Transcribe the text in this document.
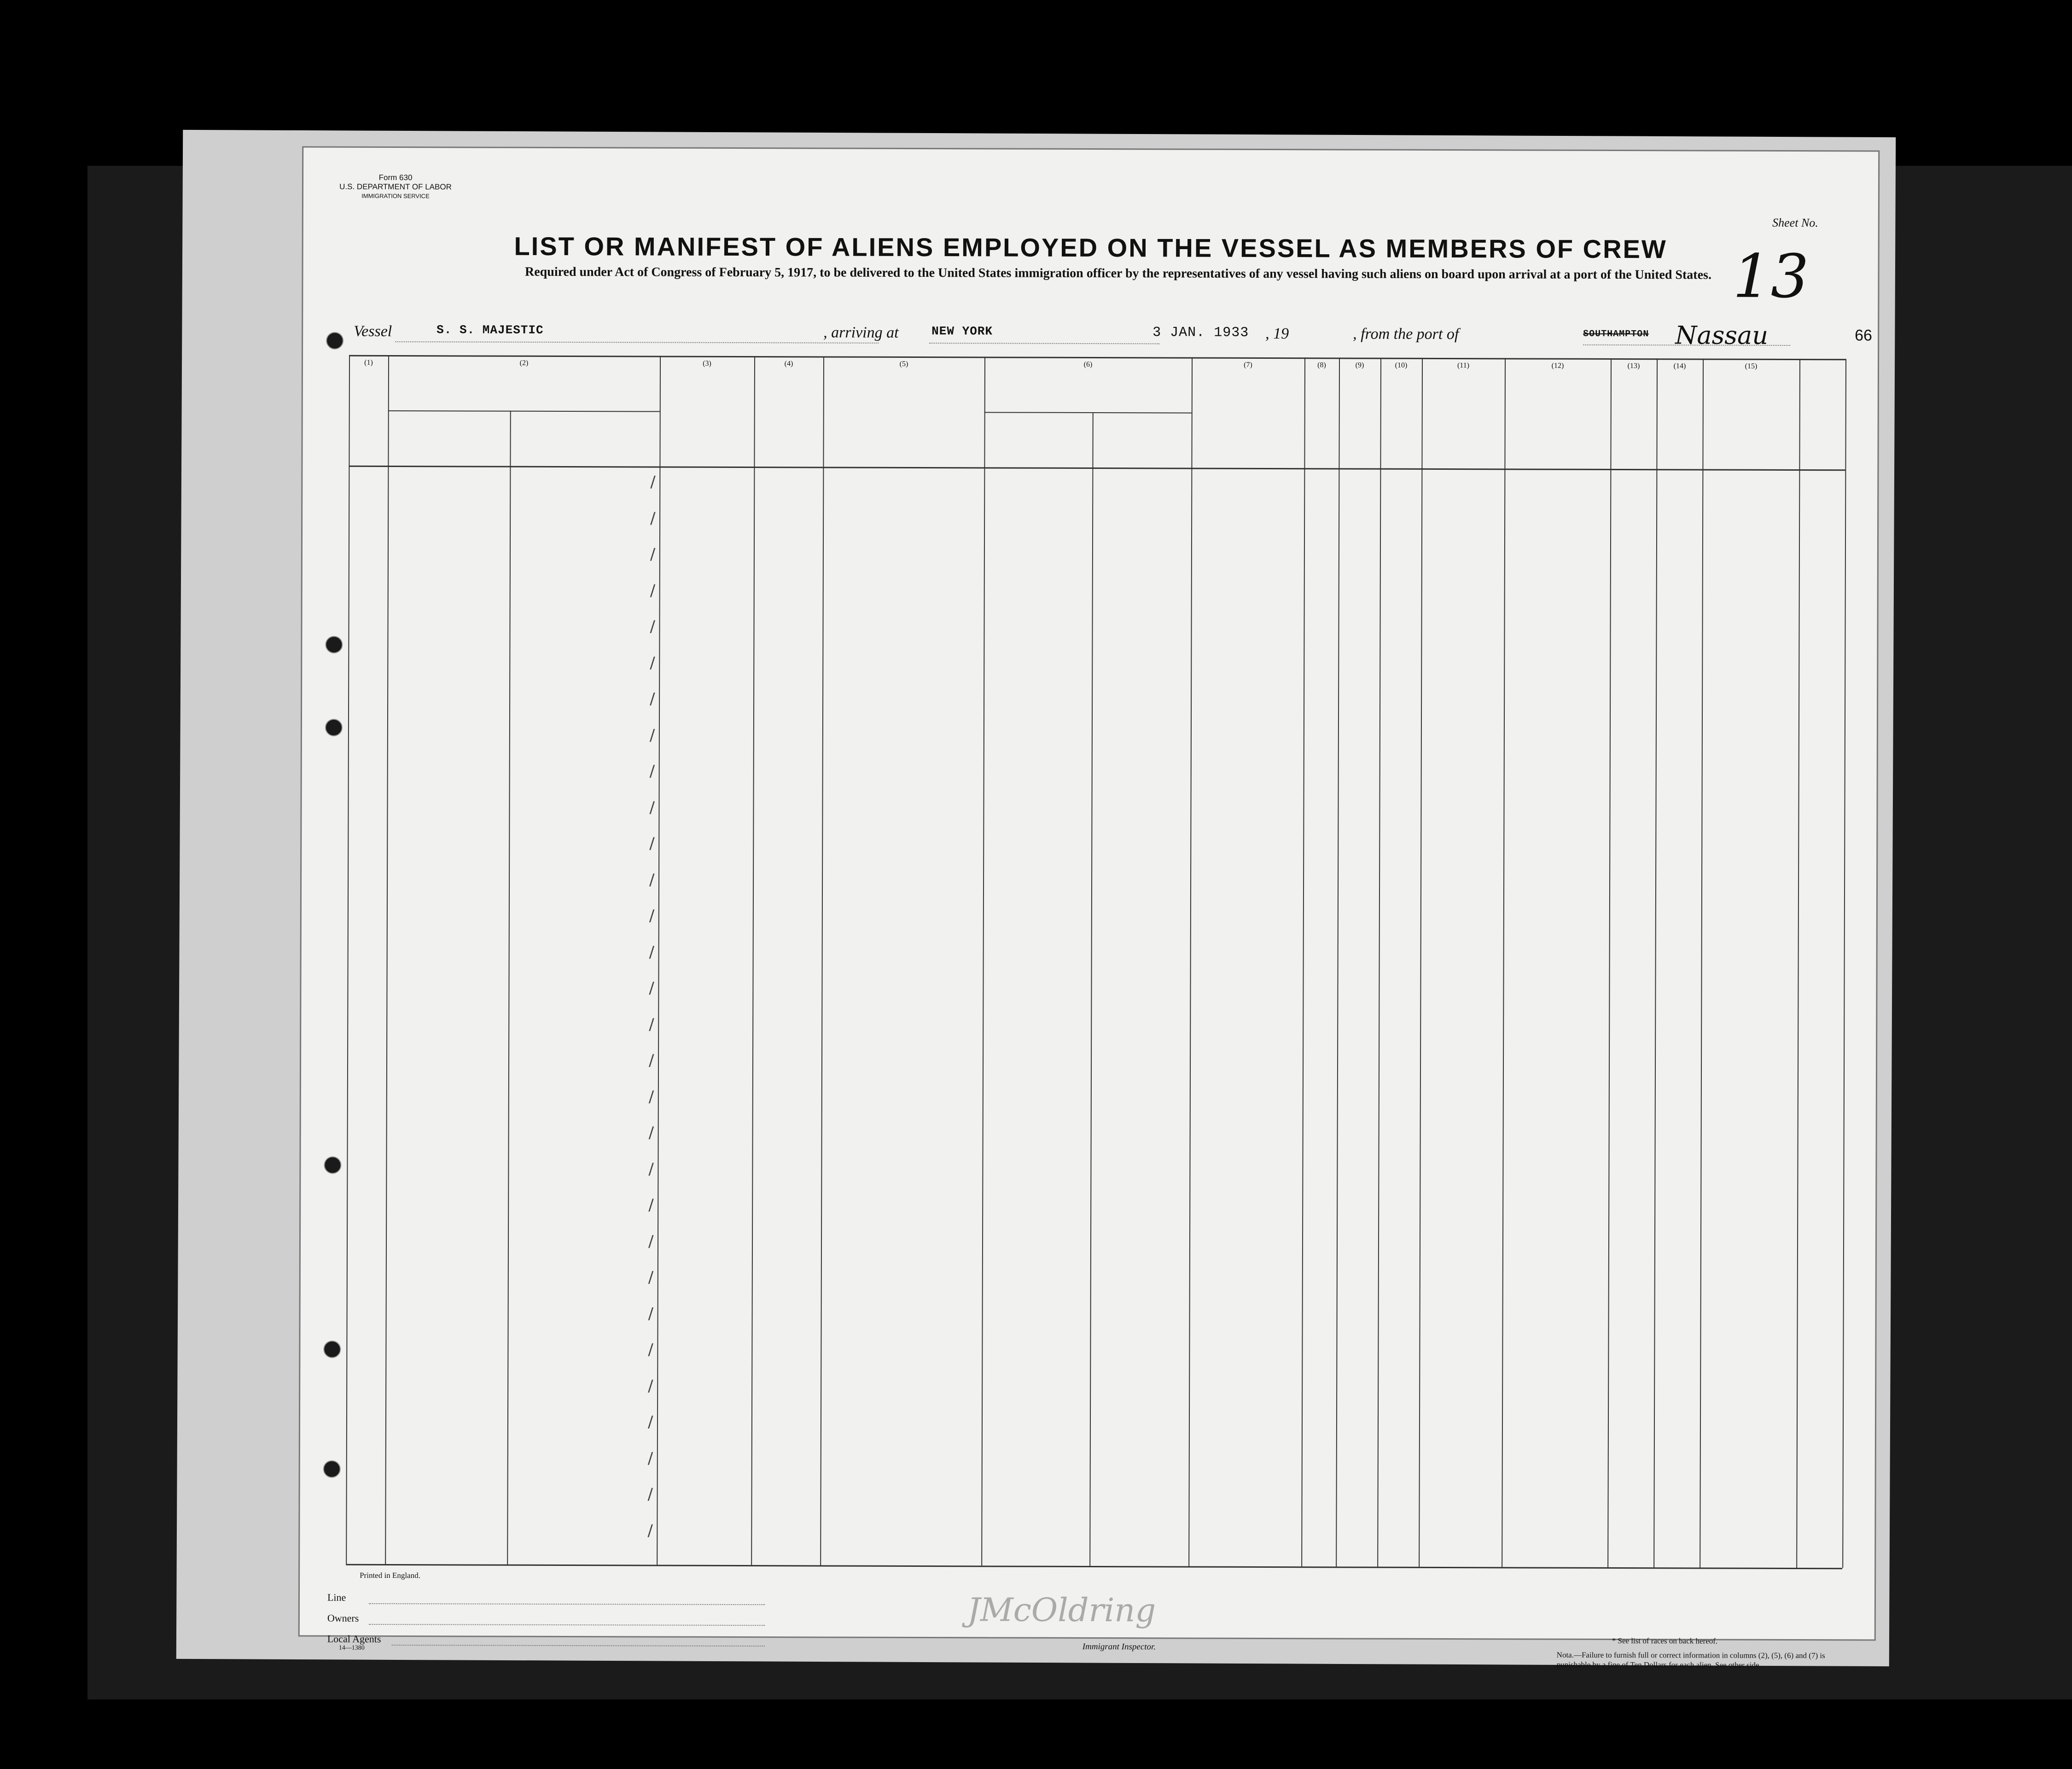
Form 630
U.S. DEPARTMENT OF LABOR
IMMIGRATION SERVICE
LIST OR MANIFEST OF ALIENS EMPLOYED ON THE VESSEL AS MEMBERS OF CREW
Required under Act of Congress of February 5, 1917, to be delivered to the United States immigration officer by the representatives of any vessel having such aliens on board upon arrival at a port of the United States.
Sheet No.
13
Vessel	S. S. MAJESTIC	, arriving at	NEW YORK	3 JAN. 1933 , 19	, from the port of	SOUTHAMPTON Nassau	66
(1)	(2)	(3)	(4)	(5)	(6)	(7)	(8)	(9)	(10)	(11)	(12)	(13)	(14)	(15)
/
/
/
/
/
/
/
/
/
/
/
/
/
/
/
/
/
/
/
/
/
/
/
/
/
/
/
/
/
/
Printed in England.
Line
Owners
Local Agents
14—1380
JMcOldring
Immigrant Inspector.
* See list of races on back hereof.
Nota.—Failure to furnish full or correct information in columns (2), (5), (6) and (7) is punishable by a fine of Ten Dollars for each alien. See other side.
